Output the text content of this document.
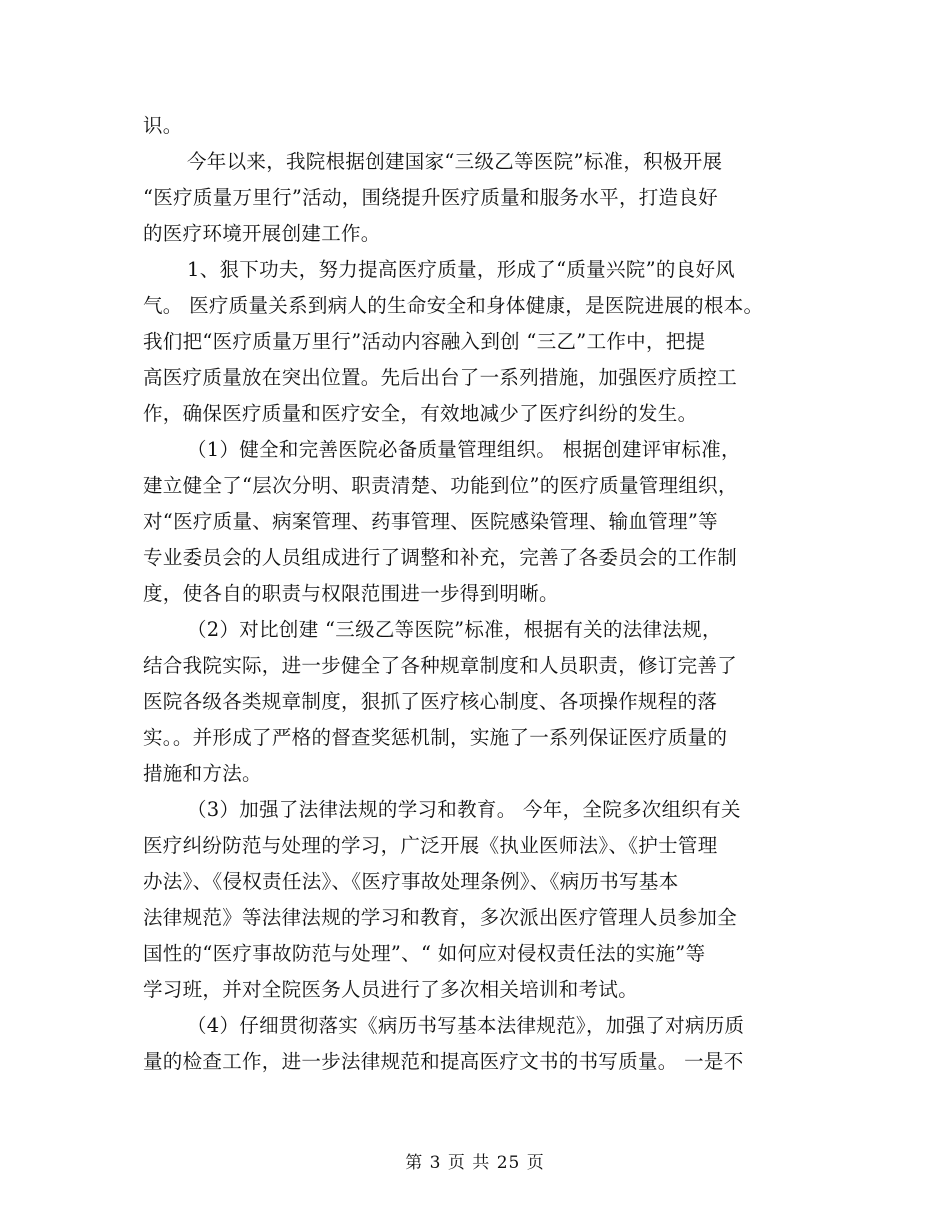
识。
今年以来，我院根据创建国家“三级乙等医院”标准，积极开展
“医疗质量万里行”活动，围绕提升医疗质量和服务水平，打造良好
的医疗环境开展创建工作。
1、狠下功夫，努力提高医疗质量，形成了“质量兴院”的良好风
气。 医疗质量关系到病人的生命安全和身体健康，是医院进展的根本。
我们把“医疗质量万里行”活动内容融入到创 “三乙”工作中，把提
高医疗质量放在突出位置。先后出台了一系列措施，加强医疗质控工
作，确保医疗质量和医疗安全，有效地减少了医疗纠纷的发生。
（1）健全和完善医院必备质量管理组织。 根据创建评审标准，
建立健全了“层次分明、职责清楚、功能到位”的医疗质量管理组织，
对“医疗质量、病案管理、药事管理、医院感染管理、输血管理”等
专业委员会的人员组成进行了调整和补充，完善了各委员会的工作制
度，使各自的职责与权限范围进一步得到明晰。
（2）对比创建 “三级乙等医院”标准，根据有关的法律法规，
结合我院实际，进一步健全了各种规章制度和人员职责，修订完善了
医院各级各类规章制度，狠抓了医疗核心制度、各项操作规程的落
实。。并形成了严格的督查奖惩机制，实施了一系列保证医疗质量的
措施和方法。
（3）加强了法律法规的学习和教育。 今年，全院多次组织有关
医疗纠纷防范与处理的学习，广泛开展《执业医师法》、《护士管理
办法》、《侵权责任法》、《医疗事故处理条例》、《病历书写基本
法律规范》等法律法规的学习和教育，多次派出医疗管理人员参加全
国性的“医疗事故防范与处理”、“ 如何应对侵权责任法的实施”等
学习班，并对全院医务人员进行了多次相关培训和考试。
（4）仔细贯彻落实《病历书写基本法律规范》，加强了对病历质
量的检查工作，进一步法律规范和提高医疗文书的书写质量。 一是不
第 3 页 共 25 页
